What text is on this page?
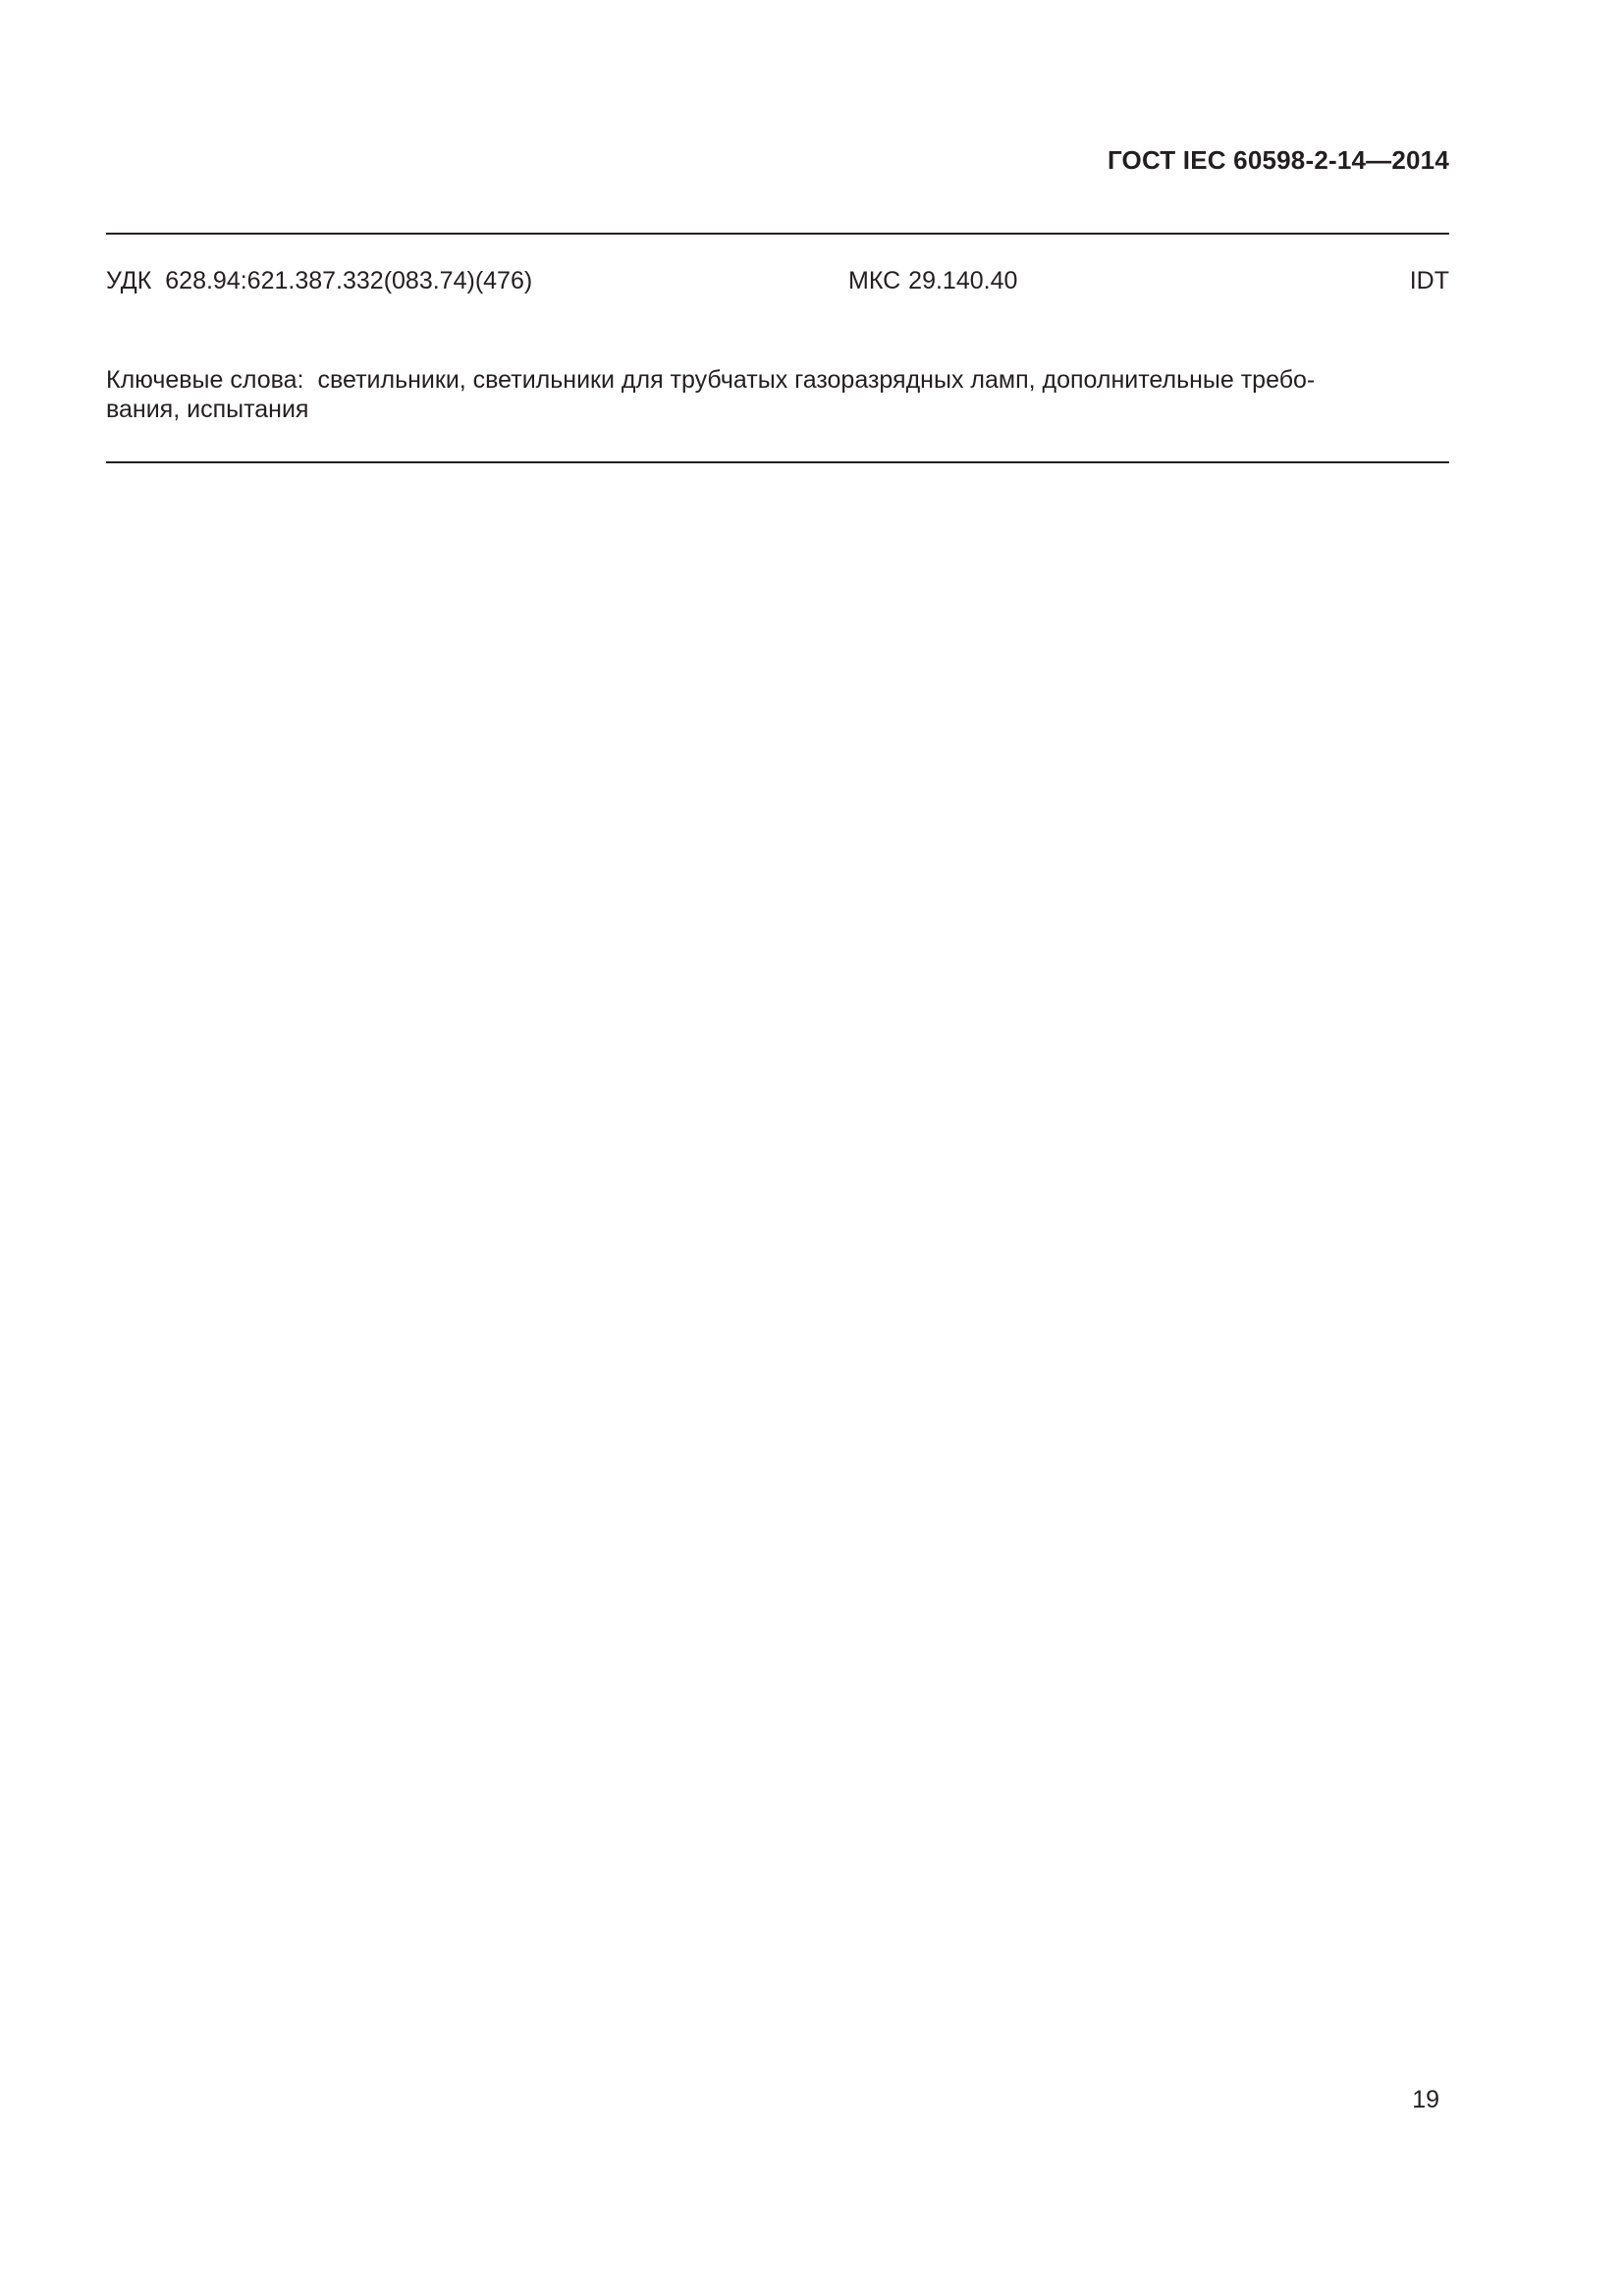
ГОСТ IEC 60598-2-14—2014
УДК 628.94:621.387.332(083.74)(476)	МКС 29.140.40	IDT
Ключевые слова: светильники, светильники для трубчатых газоразрядных ламп, дополнительные требо-
вания, испытания
19
